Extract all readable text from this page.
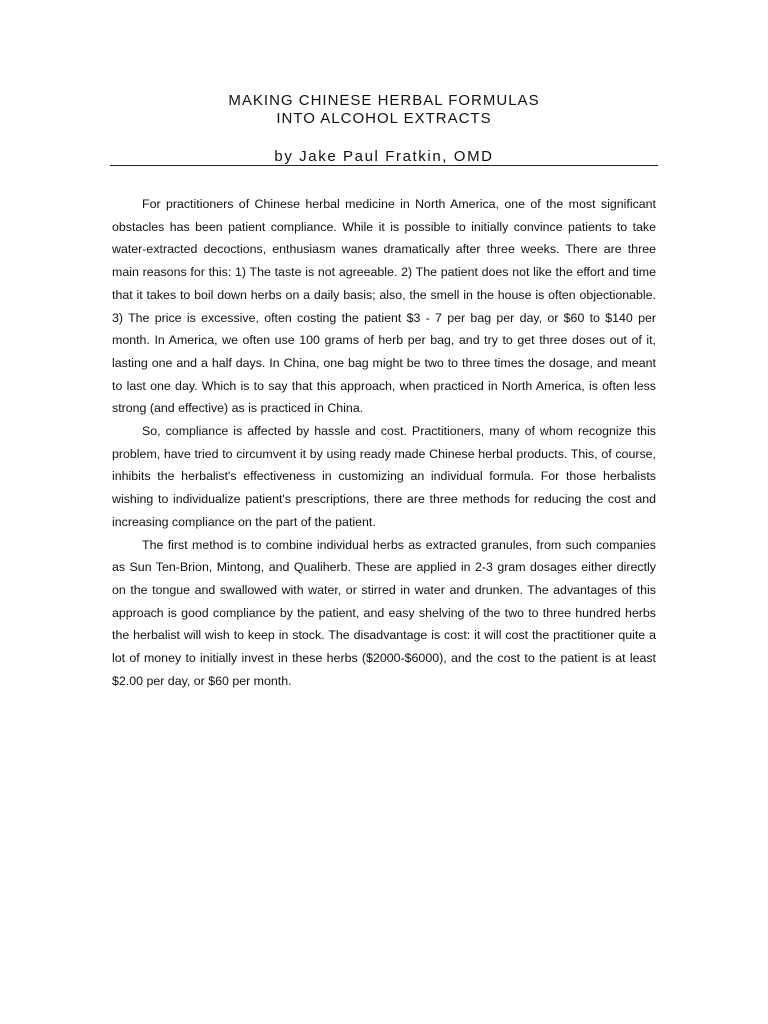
MAKING CHINESE HERBAL FORMULAS

INTO ALCOHOL EXTRACTS

by Jake Paul Fratkin, OMD

For practitioners of Chinese herbal medicine in North America, one of the most significant obstacles has been patient compliance. While it is possible to initially convince patients to take water-extracted decoctions, enthusiasm wanes dramatically after three weeks. There are three main reasons for this: 1) The taste is not agreeable. 2) The patient does not like the effort and time that it takes to boil down herbs on a daily basis; also, the smell in the house is often objectionable. 3) The price is excessive, often costing the patient $3 - 7 per bag per day, or $60 to $140 per month. In America, we often use 100 grams of herb per bag, and try to get three doses out of it, lasting one and a half days. In China, one bag might be two to three times the dosage, and meant to last one day. Which is to say that this approach, when practiced in North America, is often less strong (and effective) as is practiced in China.

So, compliance is affected by hassle and cost. Practitioners, many of whom recognize this problem, have tried to circumvent it by using ready made Chinese herbal products. This, of course, inhibits the herbalist's effectiveness in customizing an individual formula. For those herbalists wishing to individualize patient's prescriptions, there are three methods for reducing the cost and increasing compliance on the part of the patient.

The first method is to combine individual herbs as extracted granules, from such companies as Sun Ten-Brion, Mintong, and Qualiherb. These are applied in 2-3 gram dosages either directly on the tongue and swallowed with water, or stirred in water and drunken. The advantages of this approach is good compliance by the patient, and easy shelving of the two to three hundred herbs the herbalist will wish to keep in stock. The disadvantage is cost: it will cost the practitioner quite a lot of money to initially invest in these herbs ($2000-$6000), and the cost to the patient is at least $2.00 per day, or $60 per month.
